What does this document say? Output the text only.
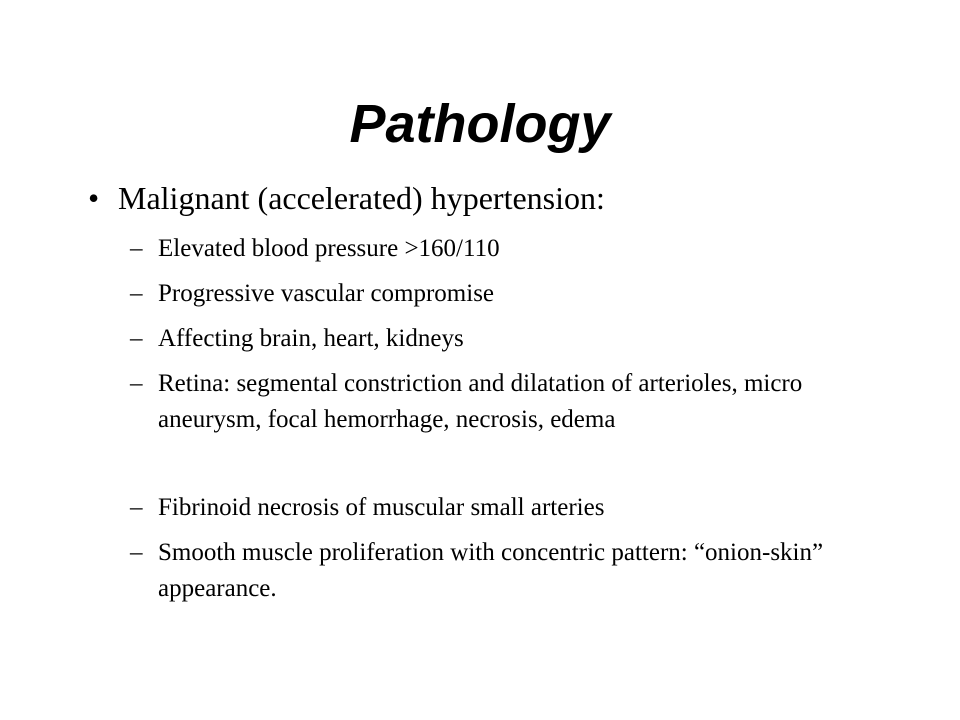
Pathology
• Malignant (accelerated) hypertension:
– Elevated blood pressure >160/110
– Progressive vascular compromise
– Affecting brain, heart, kidneys
– Retina: segmental constriction and dilatation of arterioles, micro aneurysm, focal hemorrhage, necrosis, edema
– Fibrinoid necrosis of muscular small arteries
– Smooth muscle proliferation with concentric pattern: “onion-skin” appearance.
